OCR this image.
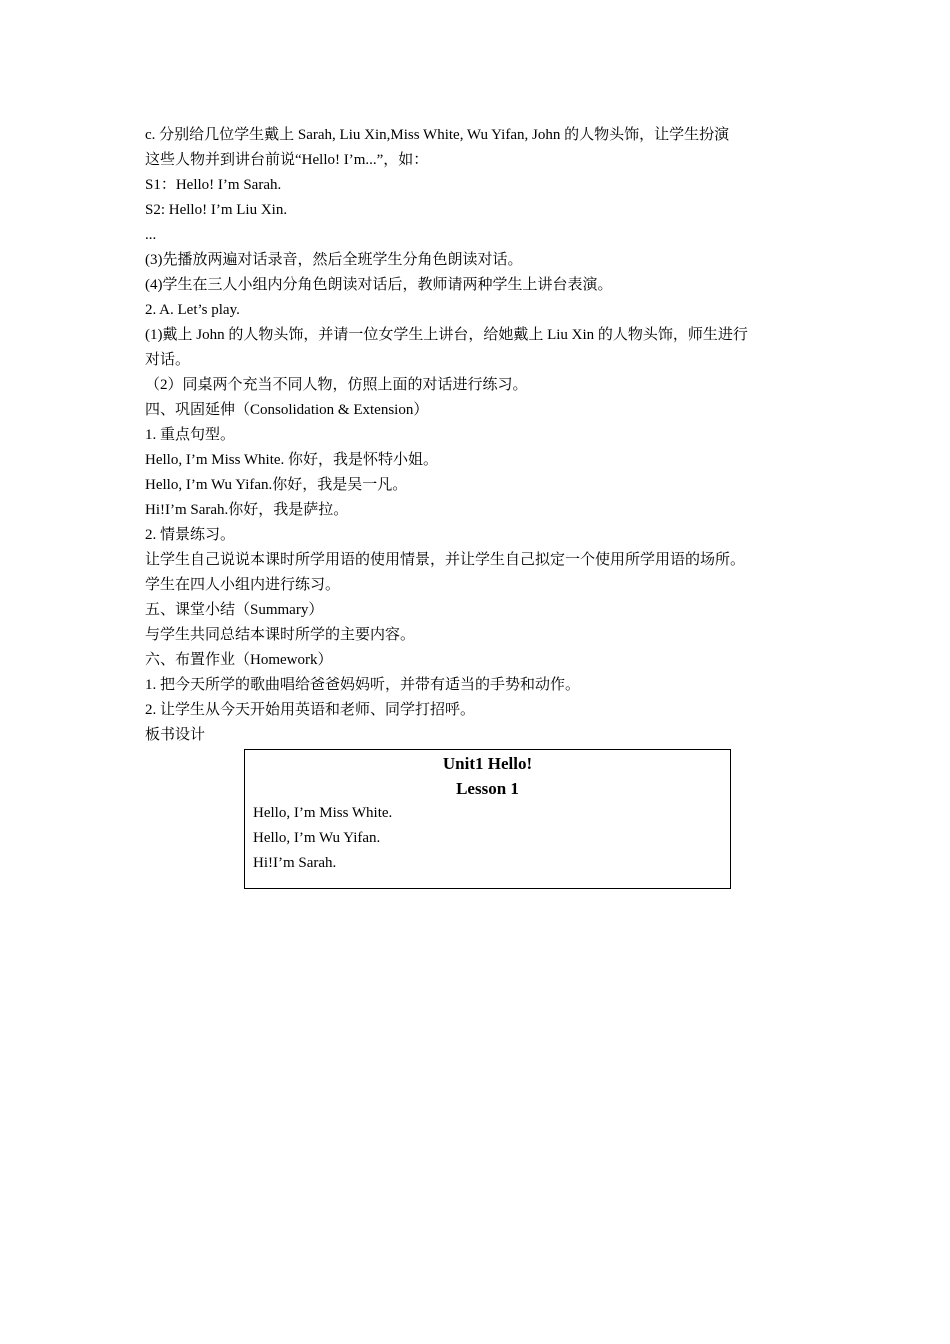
c. 分别给几位学生戴上 Sarah, Liu Xin,Miss White, Wu Yifan, John 的人物头饰，让学生扮演

这些人物并到讲台前说“Hello! I’m...”，如：

S1：Hello! I’m Sarah.

S2: Hello! I’m Liu Xin.

...

(3)先播放两遍对话录音，然后全班学生分角色朗读对话。

(4)学生在三人小组内分角色朗读对话后，教师请两种学生上讲台表演。

2. A. Let’s play.

(1)戴上 John 的人物头饰，并请一位女学生上讲台，给她戴上 Liu Xin 的人物头饰，师生进行

对话。

（2）同桌两个充当不同人物，仿照上面的对话进行练习。

四、巩固延伸（Consolidation & Extension）

1. 重点句型。

Hello, I’m Miss White. 你好，我是怀特小姐。

Hello, I’m Wu Yifan.你好，我是吴一凡。

Hi!I’m Sarah.你好，我是萨拉。

2. 情景练习。

让学生自己说说本课时所学用语的使用情景，并让学生自己拟定一个使用所学用语的场所。

学生在四人小组内进行练习。

五、课堂小结（Summary）

与学生共同总结本课时所学的主要内容。

六、布置作业（Homework）

1. 把今天所学的歌曲唱给爸爸妈妈听，并带有适当的手势和动作。

2. 让学生从今天开始用英语和老师、同学打招呼。

板书设计

Unit1 Hello!

Lesson 1

Hello, I’m Miss White.

Hello, I’m Wu Yifan.

Hi!I’m Sarah.
